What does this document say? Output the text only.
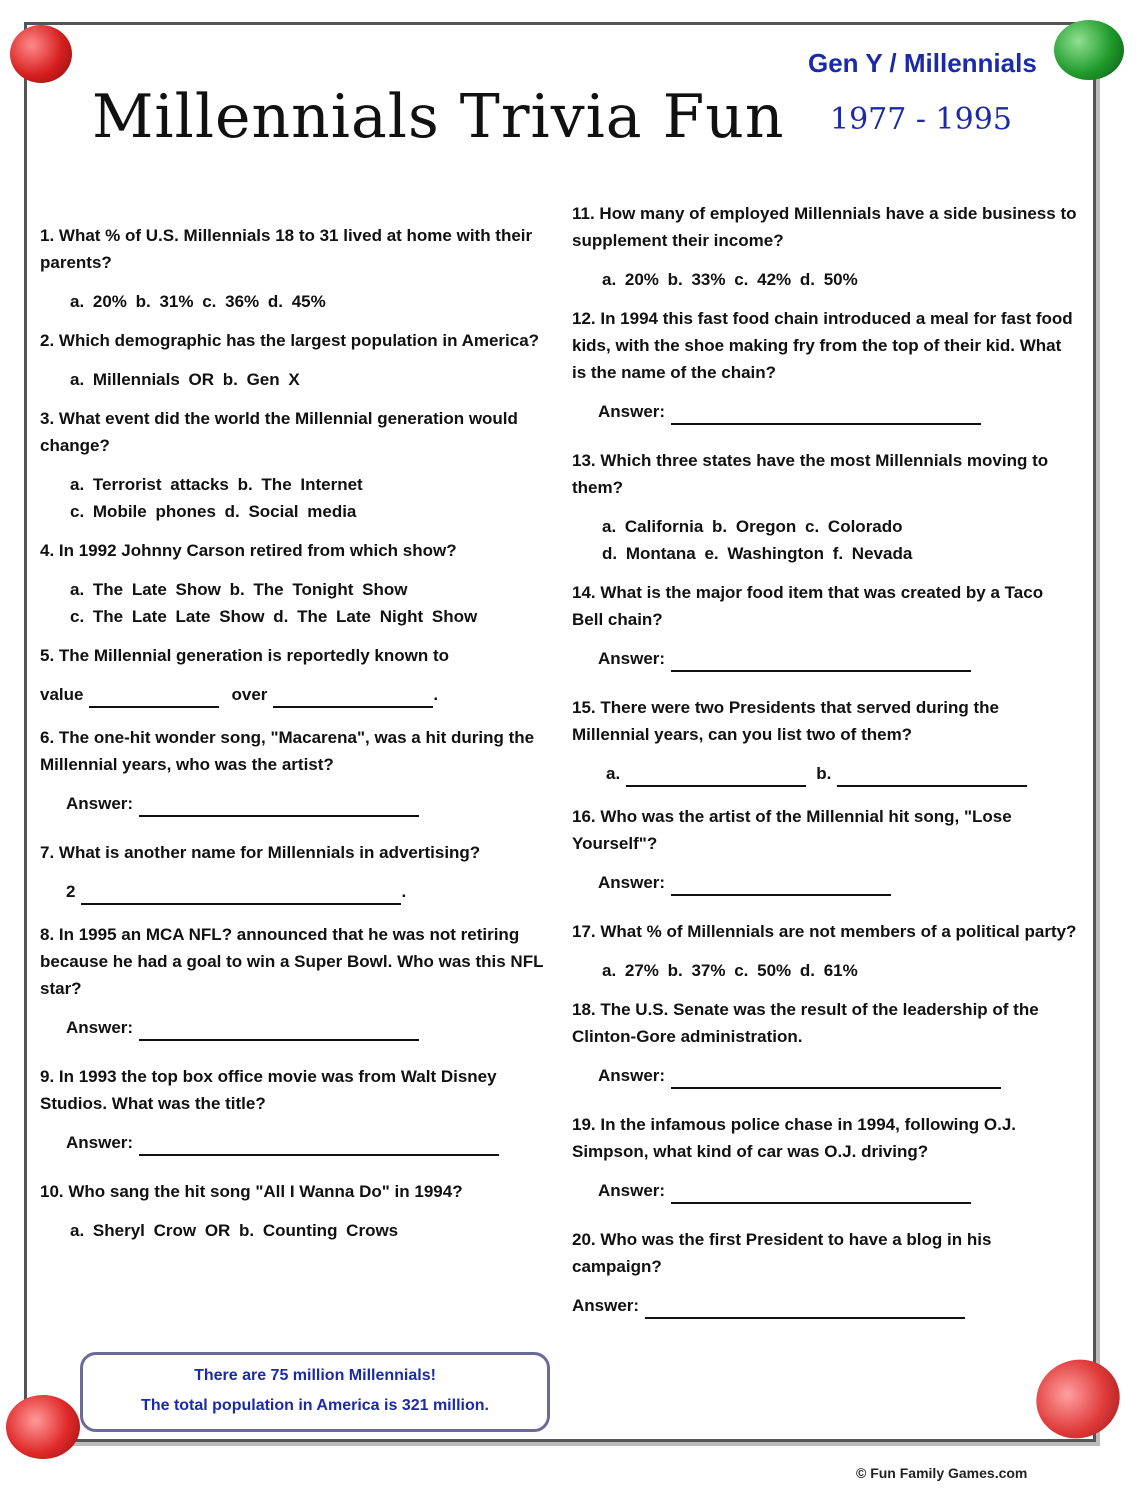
Millennials Trivia Fun
Gen Y / Millennials
1977 - 1995
1. What % of U.S. Millennials 18 to 31 lived at home with their parents?
a. 20% b. 31% c. 36% d. 45%
2. Which demographic has the largest population in America?
a. Millennials OR b. Gen X
3. What event did the world the Millennial generation would change?
a. Terrorist attacks b. The Internet
c. Mobile phones d. Social media
4. In 1992 Johnny Carson retired from which show?
a. The Late Show b. The Tonight Show
c. The Late Late Show d. The Late Night Show
5. The Millennial generation is reportedly known to
value	over	.
6. The one-hit wonder song, "Macarena", was a hit during the Millennial years, who was the artist?
Answer:
7. What is another name for Millennials in advertising?
2	.
8. In 1995 an MCA NFL? announced that he was not retiring because he had a goal to win a Super Bowl. Who was this NFL star?
Answer:
9. In 1993 the top box office movie was from Walt Disney Studios. What was the title?
Answer:
10. Who sang the hit song "All I Wanna Do" in 1994?
a. Sheryl Crow OR b. Counting Crows
11. How many of employed Millennials have a side business to supplement their income?
a. 20% b. 33% c. 42% d. 50%
12. In 1994 this fast food chain introduced a meal for fast food kids, with the shoe making fry from the top of their kid. What is the name of the chain?
Answer:
13. Which three states have the most Millennials moving to them?
a. California b. Oregon c. Colorado
d. Montana e. Washington f. Nevada
14. What is the major food item that was created by a Taco Bell chain?
Answer:
15. There were two Presidents that served during the Millennial years, can you list two of them?
a.	b.
16. Who was the artist of the Millennial hit song, "Lose Yourself"?
Answer:
17. What % of Millennials are not members of a political party?
a. 27% b. 37% c. 50% d. 61%
18. The U.S. Senate was the result of the leadership of the Clinton-Gore administration.
Answer:
19. In the infamous police chase in 1994, following O.J. Simpson, what kind of car was O.J. driving?
Answer:
20. Who was the first President to have a blog in his campaign?
Answer:
There are 75 million Millennials!
The total population in America is 321 million.
© Fun Family Games.com
